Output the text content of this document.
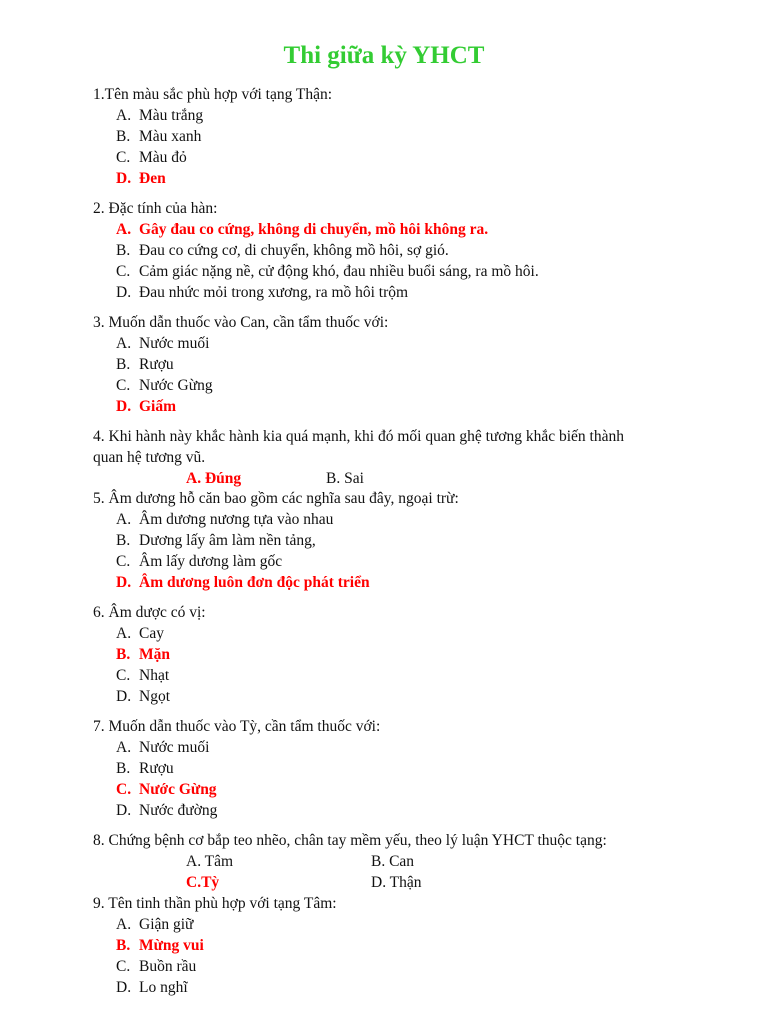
Thi giữa kỳ YHCT
1.Tên màu sắc phù hợp với tạng Thận:
A. Màu trắng
B. Màu xanh
C. Màu đỏ
D. Đen
2. Đặc tính của hàn:
A. Gây đau co cứng, không di chuyển, mồ hôi không ra.
B. Đau co cứng cơ, di chuyển, không mồ hôi, sợ gió.
C. Cảm giác nặng nề, cử động khó, đau nhiều buổi sáng, ra mồ hôi.
D. Đau nhức mỏi trong xương, ra mồ hôi trộm
3. Muốn dẫn thuốc vào Can, cần tẩm thuốc với:
A. Nước muối
B. Rượu
C. Nước Gừng
D. Giấm
4. Khi hành này khắc hành kia quá mạnh, khi đó mối quan ghệ tương khắc biến thành
quan hệ tương vũ.
A. Đúng	B. Sai
5. Âm dương hỗ căn bao gồm các nghĩa sau đây, ngoại trừ:
A. Âm dương nương tựa vào nhau
B. Dương lấy âm làm nền tảng,
C. Âm lấy dương làm gốc
D. Âm dương luôn đơn độc phát triển
6. Âm dược có vị:
A. Cay
B. Mặn
C. Nhạt
D. Ngọt
7. Muốn dẫn thuốc vào Tỳ, cần tẩm thuốc với:
A. Nước muối
B. Rượu
C. Nước Gừng
D. Nước đường
8. Chứng bệnh cơ bắp teo nhẽo, chân tay mềm yếu, theo lý luận YHCT thuộc tạng:
A. Tâm	B. Can
C.Tỳ	D. Thận
9. Tên tinh thần phù hợp với tạng Tâm:
A. Giận giữ
B. Mừng vui
C. Buồn rầu
D. Lo nghĩ
